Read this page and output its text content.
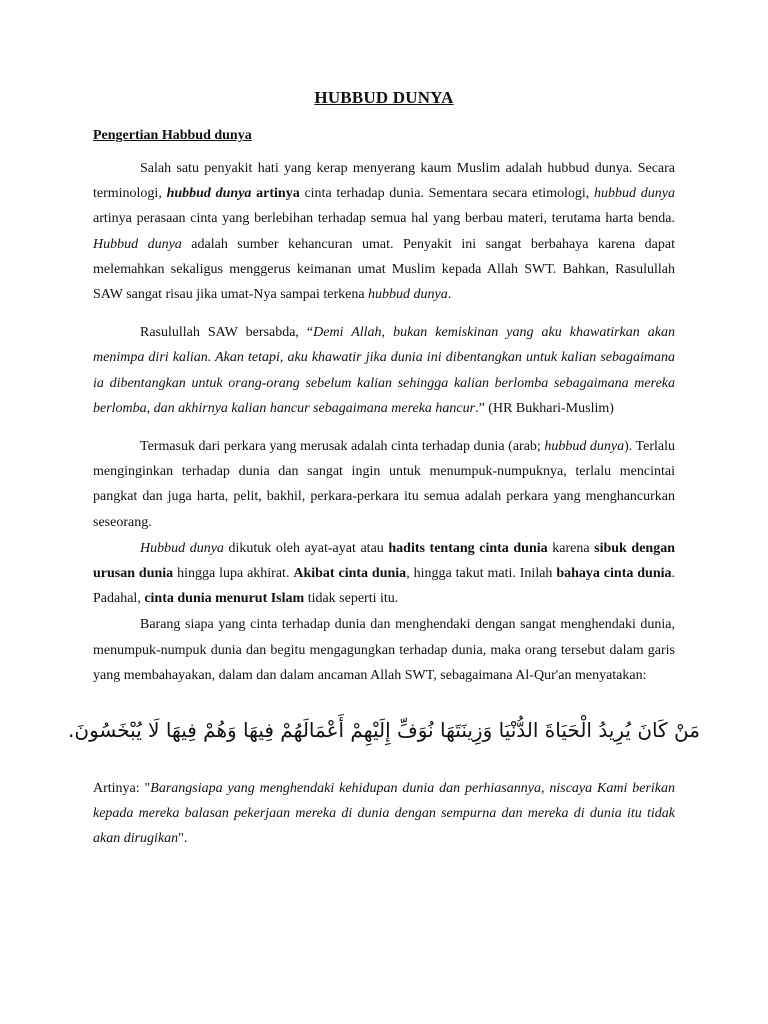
HUBBUD DUNYA
Pengertian Habbud dunya

Salah satu penyakit hati yang kerap menyerang kaum Muslim adalah hubbud dunya. Secara terminologi, hubbud dunya artinya cinta terhadap dunia. Sementara secara etimologi, hubbud dunya artinya perasaan cinta yang berlebihan terhadap semua hal yang berbau materi, terutama harta benda. Hubbud dunya adalah sumber kehancuran umat. Penyakit ini sangat berbahaya karena dapat melemahkan sekaligus menggerus keimanan umat Muslim kepada Allah SWT. Bahkan, Rasulullah SAW sangat risau jika umat-Nya sampai terkena hubbud dunya.

Rasulullah SAW bersabda, “Demi Allah, bukan kemiskinan yang aku khawatirkan akan menimpa diri kalian. Akan tetapi, aku khawatir jika dunia ini dibentangkan untuk kalian sebagaimana ia dibentangkan untuk orang-orang sebelum kalian sehingga kalian berlomba sebagaimana mereka berlomba, dan akhirnya kalian hancur sebagaimana mereka hancur.” (HR Bukhari-Muslim)

Termasuk dari perkara yang merusak adalah cinta terhadap dunia (arab; hubbud dunya). Terlalu menginginkan terhadap dunia dan sangat ingin untuk menumpuk-numpuknya, terlalu mencintai pangkat dan juga harta, pelit, bakhil, perkara-perkara itu semua adalah perkara yang menghancurkan seseorang.

Hubbud dunya dikutuk oleh ayat-ayat atau hadits tentang cinta dunia karena sibuk dengan urusan dunia hingga lupa akhirat. Akibat cinta dunia, hingga takut mati. Inilah bahaya cinta dunia. Padahal, cinta dunia menurut Islam tidak seperti itu.

Barang siapa yang cinta terhadap dunia dan menghendaki dengan sangat menghendaki dunia, menumpuk-numpuk dunia dan begitu mengagungkan terhadap dunia, maka orang tersebut dalam garis yang membahayakan, dalam dan dalam ancaman Allah SWT, sebagaimana Al-Qur'an menyatakan:

مَنْ كَانَ يُرِيدُ الْحَيَاةَ الدُّنْيَا وَزِينَتَهَا نُوَفِّ إِلَيْهِمْ أَعْمَالَهُمْ فِيهَا وَهُمْ فِيهَا لَا يُبْخَسُونَ.

Artinya: "Barangsiapa yang menghendaki kehidupan dunia dan perhiasannya, niscaya Kami berikan kepada mereka balasan pekerjaan mereka di dunia dengan sempurna dan mereka di dunia itu tidak akan dirugikan".
